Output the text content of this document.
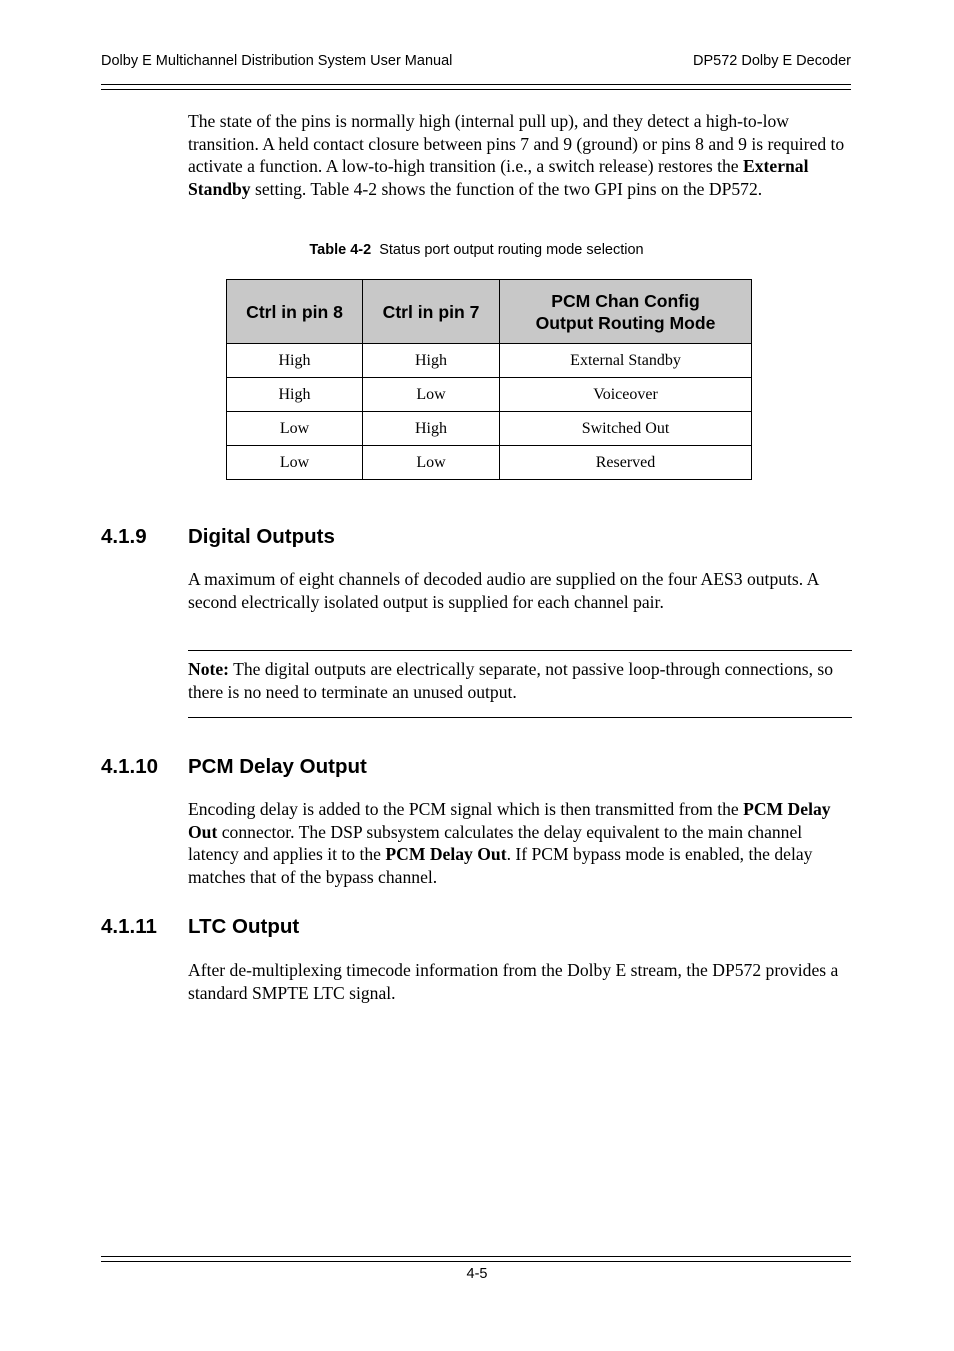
Dolby E Multichannel Distribution System User Manual	DP572 Dolby E Decoder

The state of the pins is normally high (internal pull up), and they detect a high-to-low transition. A held contact closure between pins 7 and 9 (ground) or pins 8 and 9 is required to activate a function. A low-to-high transition (i.e., a switch release) restores the External Standby setting. Table 4-2 shows the function of the two GPI pins on the DP572.

Table 4-2 Status port output routing mode selection
Ctrl in pin 8	Ctrl in pin 7	PCM Chan Config
Output Routing Mode
High	High	External Standby
High	Low	Voiceover
Low	High	Switched Out
Low	Low	Reserved
4.1.9 Digital Outputs

A maximum of eight channels of decoded audio are supplied on the four AES3 outputs. A second electrically isolated output is supplied for each channel pair.

Note: The digital outputs are electrically separate, not passive loop-through connections, so there is no need to terminate an unused output.

4.1.10 PCM Delay Output

Encoding delay is added to the PCM signal which is then transmitted from the PCM Delay Out connector. The DSP subsystem calculates the delay equivalent to the main channel latency and applies it to the PCM Delay Out. If PCM bypass mode is enabled, the delay matches that of the bypass channel.

4.1.11 LTC Output

After de-multiplexing timecode information from the Dolby E stream, the DP572 provides a standard SMPTE LTC signal.

4-5
